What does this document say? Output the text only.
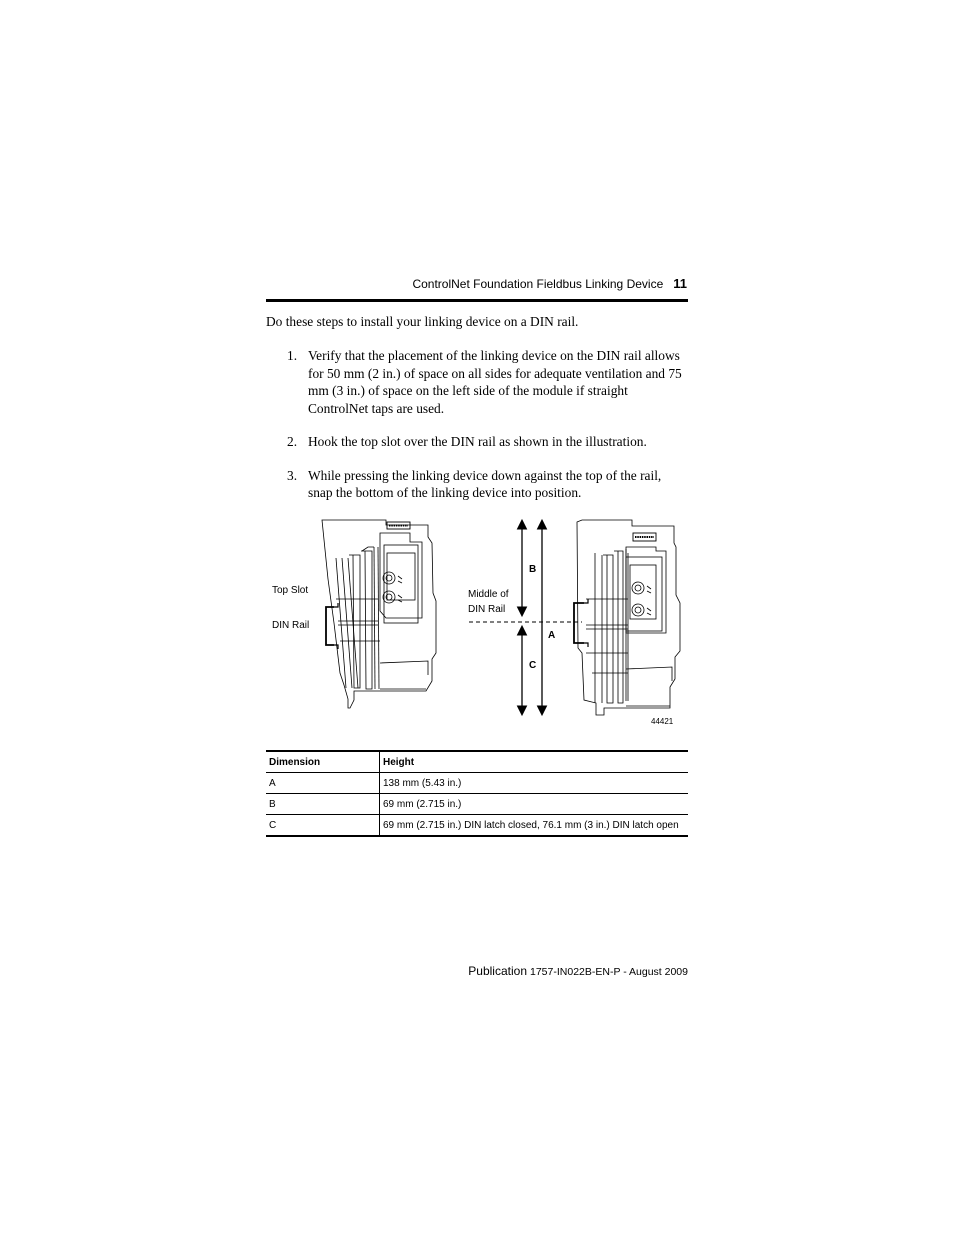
ControlNet Foundation Fieldbus Linking Device 11

Do these steps to install your linking device on a DIN rail.

1. Verify that the placement of the linking device on the DIN rail allows for 50 mm (2 in.) of space on all sides for adequate ventilation and 75 mm (3 in.) of space on the left side of the module if straight ControlNet taps are used.
2. Hook the top slot over the DIN rail as shown in the illustration.
3. While pressing the linking device down against the top of the rail, snap the bottom of the linking device into position.
Top Slot
DIN Rail
Middle of
DIN Rail
B
A
C
44421
Dimension	Height
A	138 mm (5.43 in.)
B	69 mm (2.715 in.)
C	69 mm (2.715 in.) DIN latch closed, 76.1 mm (3 in.) DIN latch open
Publication 1757-IN022B-EN-P - August 2009
